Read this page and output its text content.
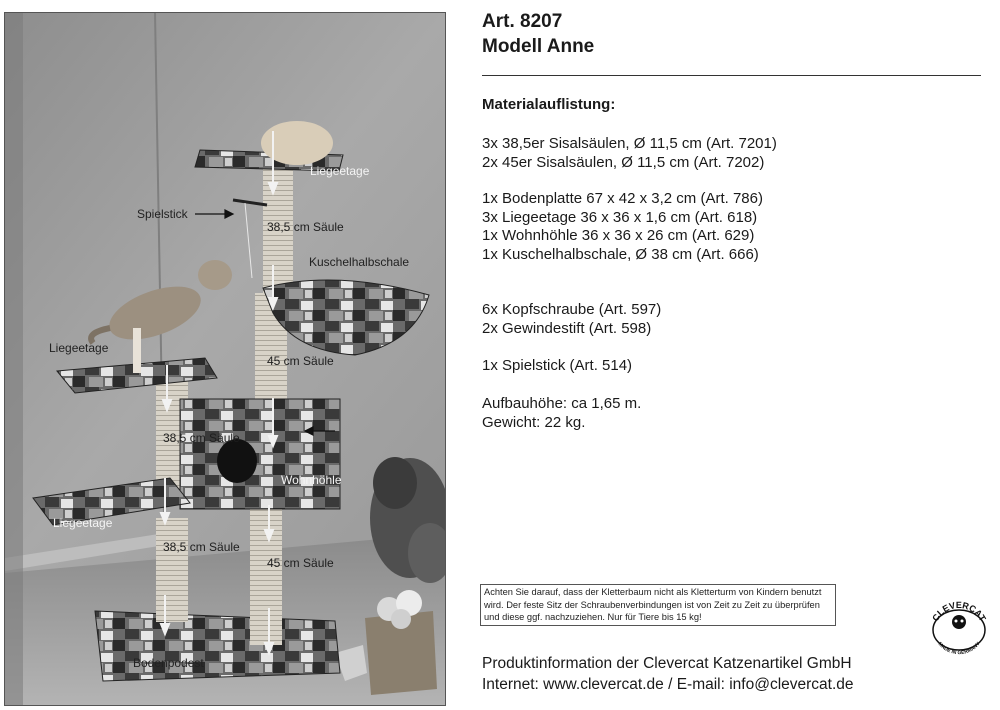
Liegeetage
Spielstick
38,5 cm Säule
Kuschelhalbschale
Liegeetage
45 cm Säule
38,5 cm Säule
Wohnhöhle
Liegeetage
38,5 cm Säule
45 cm Säule
Bodenpodest
Art. 8207
Modell Anne
Materialauflistung:
3x 38,5er Sisalsäulen, Ø 11,5 cm (Art. 7201)
2x 45er Sisalsäulen, Ø 11,5 cm (Art. 7202)
1x Bodenplatte 67 x 42 x 3,2 cm (Art. 786)
3x Liegeetage 36 x 36 x 1,6 cm (Art. 618)
1x Wohnhöhle 36 x 36 x 26 cm (Art. 629)
1x Kuschelhalbschale, Ø 38 cm (Art. 666)
6x Kopfschraube (Art. 597)
2x Gewindestift (Art. 598)
1x Spielstick (Art. 514)
Aufbauhöhe: ca 1,65 m.
Gewicht: 22 kg.
Achten Sie darauf, dass der Kletterbaum nicht als Kletterturm von Kindern benutzt wird. Der feste Sitz der Schraubenverbindungen ist von Zeit zu Zeit zu überprüfen und diese ggf. nachzuziehen. Nur für Tiere bis 15 kg!	CLEVERCAT
MADE IN GERMANY
Produktinformation der Clevercat Katzenartikel GmbH
Internet: www.clevercat.de / E-mail: info@clevercat.de
